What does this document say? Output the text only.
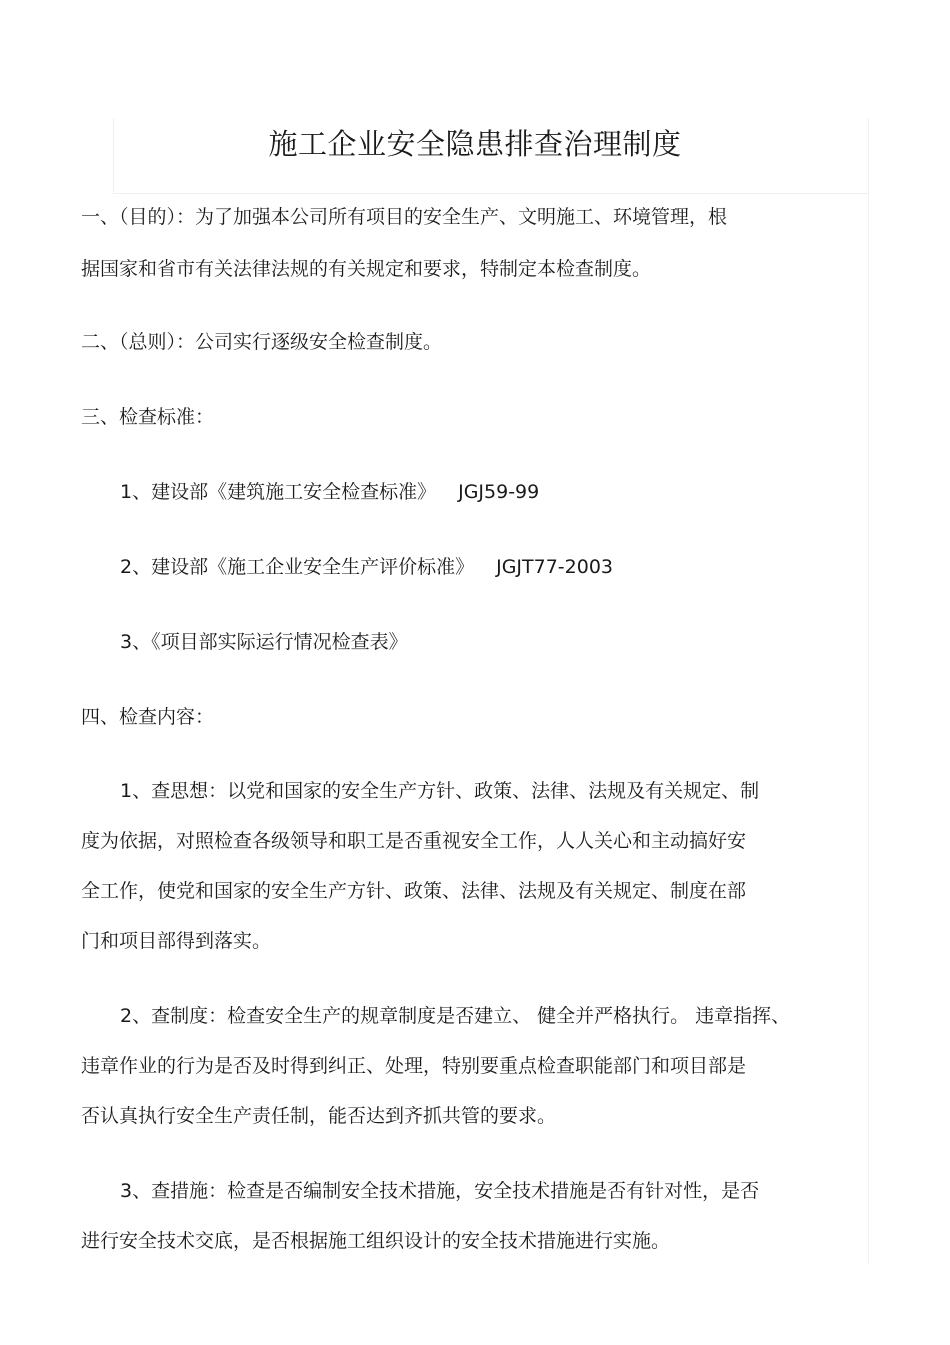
施工企业安全隐患排查治理制度

一、（目的）：为了加强本公司所有项目的安全生产、文明施工、环境管理，根

据国家和省市有关法律法规的有关规定和要求，特制定本检查制度。

二、（总则）：公司实行逐级安全检查制度。

三、检查标准：

1、建设部《建筑施工安全检查标准》 JGJ59-99

2、建设部《施工企业安全生产评价标准》 JGJT77-2003

3、《项目部实际运行情况检查表》

四、检查内容：

1、查思想：以党和国家的安全生产方针、政策、法律、法规及有关规定、制

度为依据，对照检查各级领导和职工是否重视安全工作，人人关心和主动搞好安

全工作，使党和国家的安全生产方针、政策、法律、法规及有关规定、制度在部

门和项目部得到落实。

2、查制度：检查安全生产的规章制度是否建立、 健全并严格执行。 违章指挥、

违章作业的行为是否及时得到纠正、处理，特别要重点检查职能部门和项目部是

否认真执行安全生产责任制，能否达到齐抓共管的要求。

3、查措施：检查是否编制安全技术措施，安全技术措施是否有针对性，是否

进行安全技术交底，是否根据施工组织设计的安全技术措施进行实施。
